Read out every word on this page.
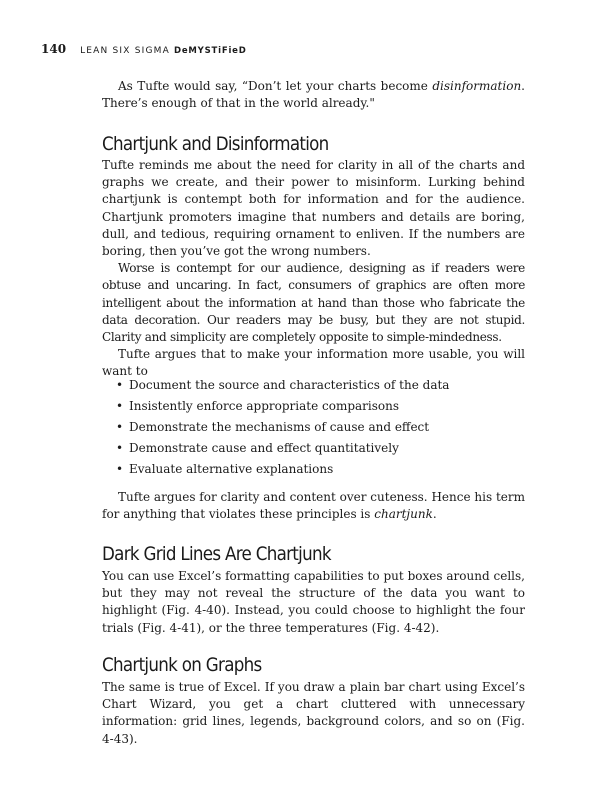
140 LEAN SIX SIGMA DeMYSTiFieD

As Tufte would say, “Don’t let your charts become disinformation. There’s enough of that in the world already."

Chartjunk and Disinformation

Tufte reminds me about the need for clarity in all of the charts and graphs we create, and their power to misinform. Lurking behind chartjunk is contempt both for information and for the audience. Chartjunk promoters imagine that numbers and details are boring, dull, and tedious, requiring ornament to enliven. If the numbers are boring, then you’ve got the wrong numbers.

Worse is contempt for our audience, designing as if readers were obtuse and uncaring. In fact, consumers of graphics are often more intelligent about the information at hand than those who fabricate the data decoration. Our readers may be busy, but they are not stupid. Clarity and simplicity are completely opposite to simple-mindedness.

Tufte argues that to make your information more usable, you will want to

• Document the source and characteristics of the data
• Insistently enforce appropriate comparisons
• Demonstrate the mechanisms of cause and effect
• Demonstrate cause and effect quantitatively
• Evaluate alternative explanations

Tufte argues for clarity and content over cuteness. Hence his term for anything that violates these principles is chartjunk.

Dark Grid Lines Are Chartjunk

You can use Excel’s formatting capabilities to put boxes around cells, but they may not reveal the structure of the data you want to highlight (Fig. 4-40). Instead, you could choose to highlight the four trials (Fig. 4-41), or the three temperatures (Fig. 4-42).

Chartjunk on Graphs

The same is true of Excel. If you draw a plain bar chart using Excel’s Chart Wizard, you get a chart cluttered with unnecessary information: grid lines, legends, background colors, and so on (Fig. 4-43).
